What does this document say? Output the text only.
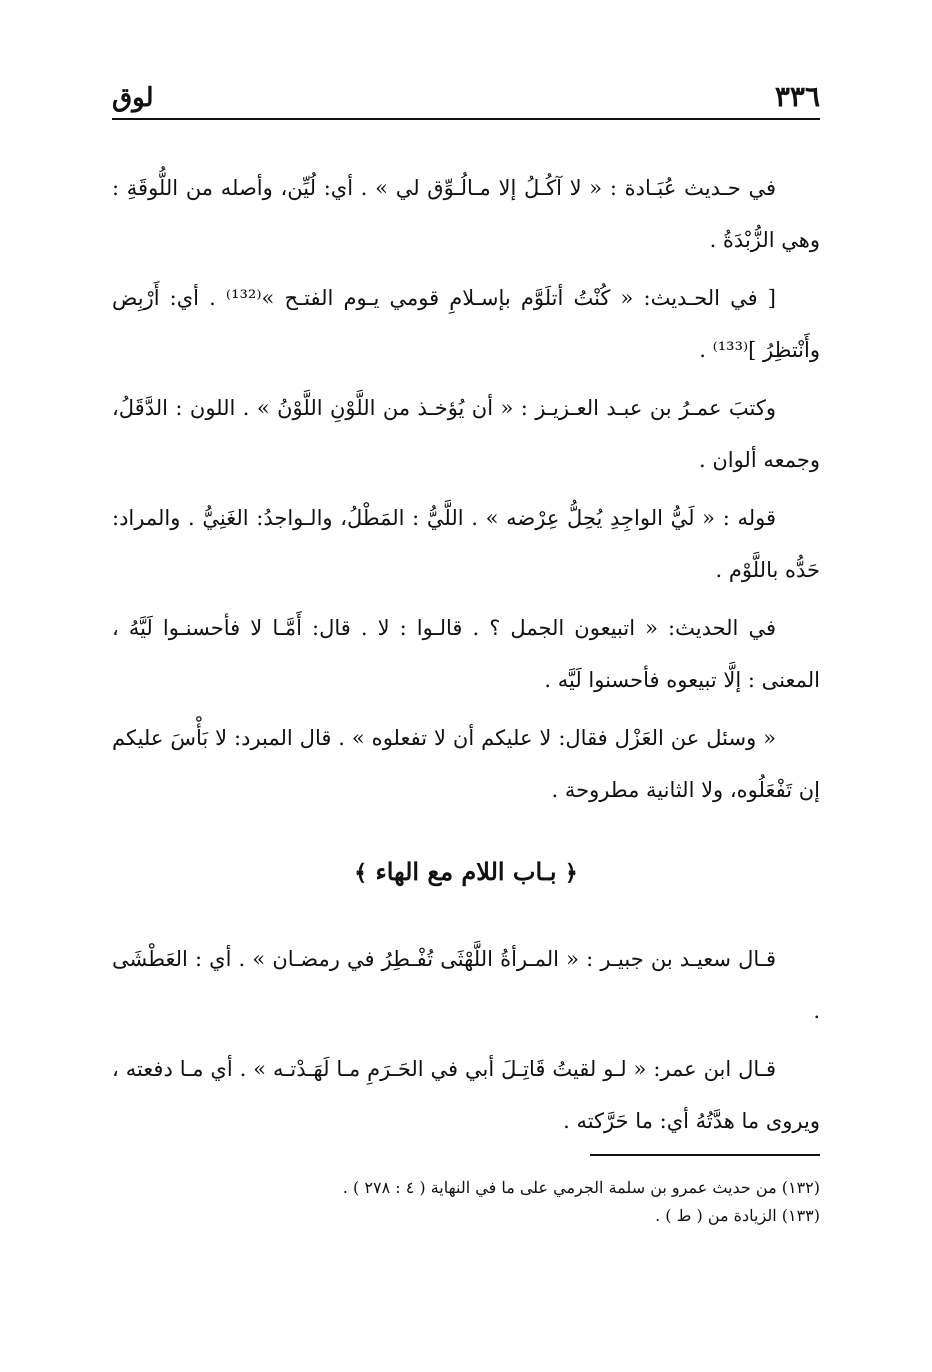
٣٣٦
لوق

في حـديث عُبَـادة : « لا آكُـلُ إلا مـالُـوِّق لي » . أي: لُيِّن، وأصله من اللُّوقَةِ : وهي الزُّبْدَةُ .

[ في الحـديث: « كُنْتُ أتلَوَّم بإسـلامِ قومي يـوم الفتـح »⁽¹³²⁾ . أي: أَرْبِض وأَنْتظِرُ ]⁽¹³³⁾ .

وكتبَ عمـرُ بن عبـد العـزيـز : « أن يُؤخـذ من اللَّوْنِ اللَّوْنُ » . اللون : الدَّقَلُ، وجمعه ألوان .

قوله : « لَيُّ الواجِدِ يُحِلُّ عِرْضه » . اللَّيُّ : المَطْلُ، والـواجدُ: الغَنِيُّ . والمراد: حَدُّه باللَّوْم .

في الحديث: « اتبيعون الجمل ؟ . قالـوا : لا . قال: أَمَّـا لا فأحسنـوا لَيَّهُ ، المعنى : إلَّا تبيعوه فأحسنوا لَيَّه .

« وسئل عن العَزْل فقال: لا عليكم أن لا تفعلوه » . قال المبرد: لا بَأْسَ عليكم إن تَفْعَلُوه، ولا الثانية مطروحة .

﴿ بـاب اللام مع الهاء ﴾

قـال سعيـد بن جبيـر : « المـرأةُ اللَّهْثَى تُفْـطِرُ في رمضـان » . أي : العَطْشَى .

قـال ابن عمر: « لـو لقيتُ قَاتِـلَ أبي في الحَـرَمِ مـا لَهَـدْتـه » . أي مـا دفعته ، ويروى ما هدَّتُهُ أي: ما حَرَّكته .

(١٣٢) من حديث عمرو بن سلمة الجرمي على ما في النهاية ( ٤ : ٢٧٨ ) .
(١٣٣) الزيادة من ( ط ) .
